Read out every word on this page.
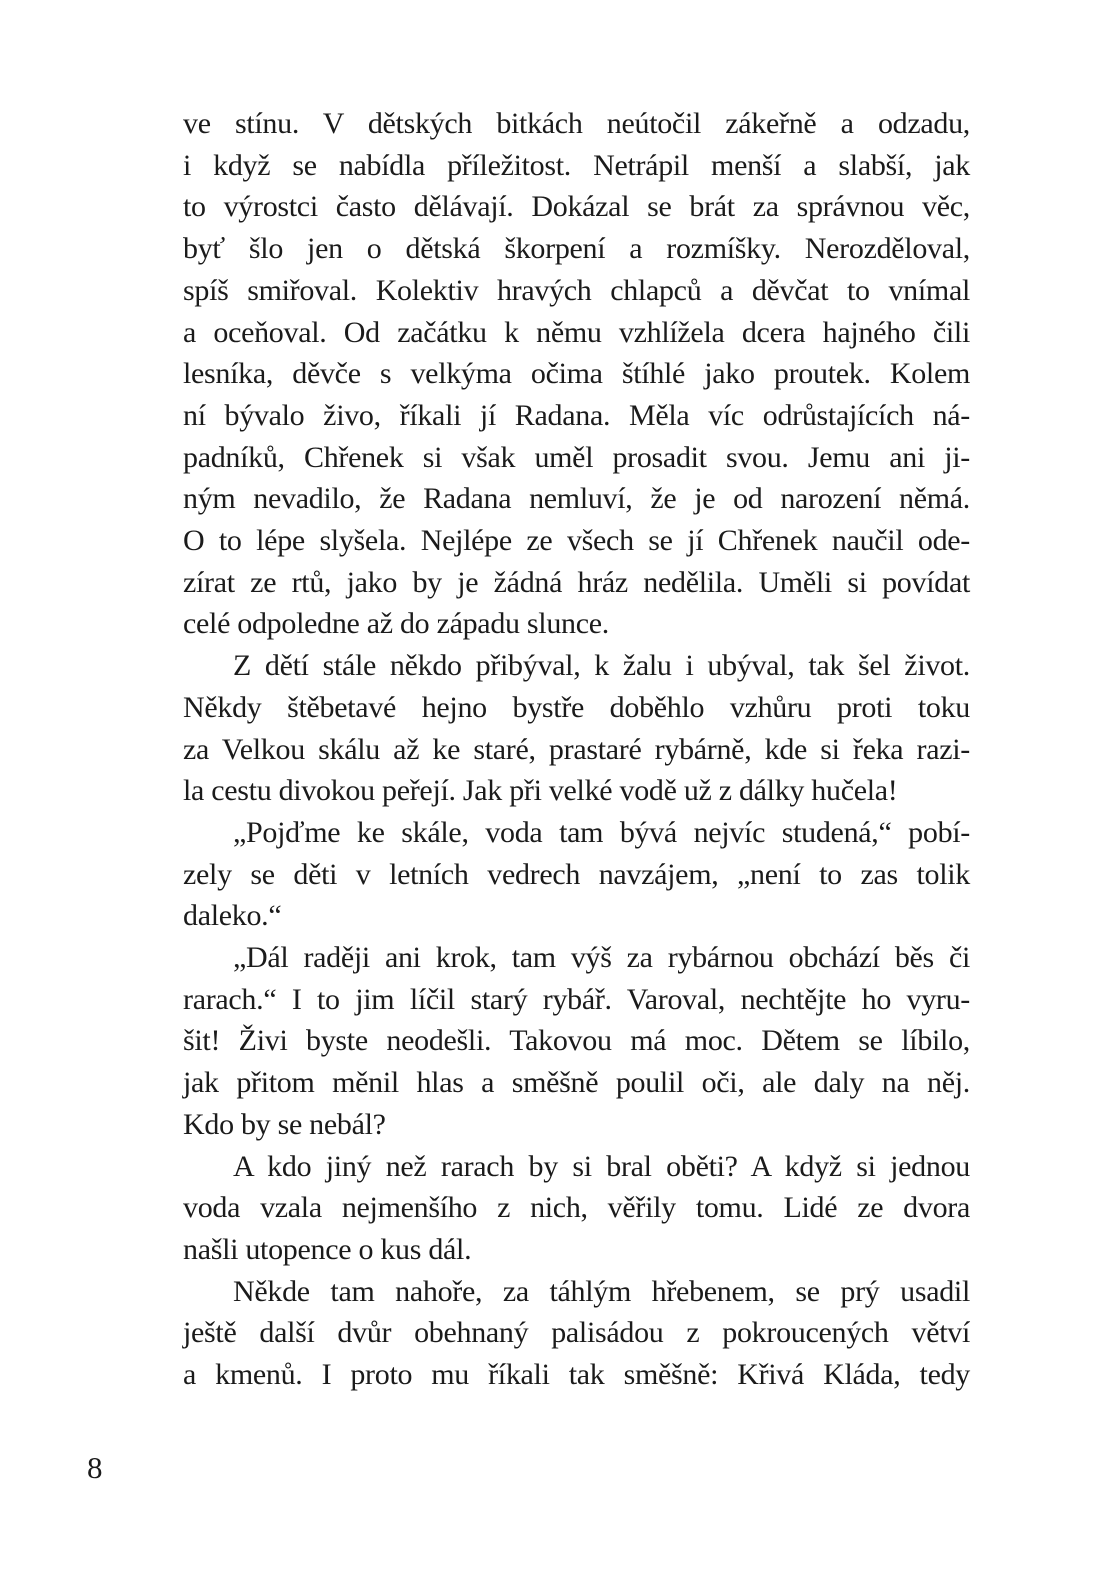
ve stínu. V dětských bitkách neútočil zákeřně a odzadu,
i když se nabídla příležitost. Netrápil menší a slabší, jak
to výrostci často dělávají. Dokázal se brát za správnou věc,
byť šlo jen o dětská škorpení a rozmíšky. Nerozděloval,
spíš smiřoval. Kolektiv hravých chlapců a děvčat to vnímal
a oceňoval. Od začátku k němu vzhlížela dcera hajného čili
lesníka, děvče s velkýma očima štíhlé jako proutek. Kolem
ní bývalo živo, říkali jí Radana. Měla víc odrůstajících ná-
padníků, Chřenek si však uměl prosadit svou. Jemu ani ji-
ným nevadilo, že Radana nemluví, že je od narození němá.
O to lépe slyšela. Nejlépe ze všech se jí Chřenek naučil ode-
zírat ze rtů, jako by je žádná hráz nedělila. Uměli si povídat
celé odpoledne až do západu slunce.

Z dětí stále někdo přibýval, k žalu i ubýval, tak šel život.
Někdy štěbetavé hejno bystře doběhlo vzhůru proti toku
za Velkou skálu až ke staré, prastaré rybárně, kde si řeka razi-
la cestu divokou peřejí. Jak při velké vodě už z dálky hučela!

„Pojďme ke skále, voda tam bývá nejvíc studená,“ pobí-
zely se děti v letních vedrech navzájem, „není to zas tolik
daleko.“

„Dál raději ani krok, tam výš za rybárnou obchází běs či
rarach.“ I to jim líčil starý rybář. Varoval, nechtějte ho vyru-
šit! Živi byste neodešli. Takovou má moc. Dětem se líbilo,
jak přitom měnil hlas a směšně poulil oči, ale daly na něj.
Kdo by se nebál?

A kdo jiný než rarach by si bral oběti? A když si jednou
voda vzala nejmenšího z nich, věřily tomu. Lidé ze dvora
našli utopence o kus dál.

Někde tam nahoře, za táhlým hřebenem, se prý usadil
ještě další dvůr obehnaný palisádou z pokroucených větví
a kmenů. I proto mu říkali tak směšně: Křivá Kláda, tedy

8
